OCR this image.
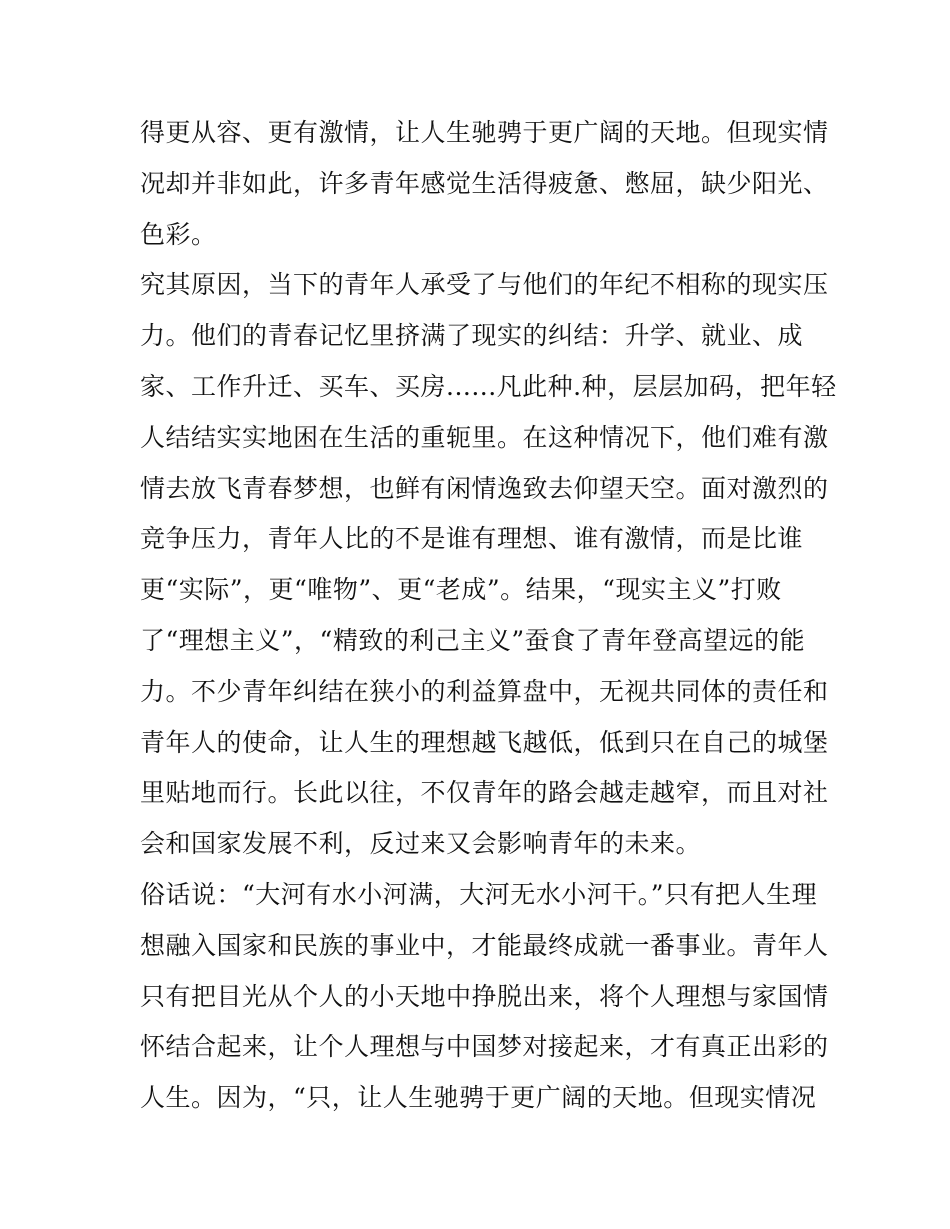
得更从容、更有激情，让人生驰骋于更广阔的天地。但现实情
况却并非如此，许多青年感觉生活得疲惫、憋屈，缺少阳光、
色彩。
究其原因，当下的青年人承受了与他们的年纪不相称的现实压
力。他们的青春记忆里挤满了现实的纠结：升学、就业、成
家、工作升迁、买车、买房......凡此种.种，层层加码，把年轻
人结结实实地困在生活的重轭里。在这种情况下，他们难有激
情去放飞青春梦想，也鲜有闲情逸致去仰望天空。面对激烈的
竞争压力，青年人比的不是谁有理想、谁有激情，而是比谁
更“实际”，更“唯物”、更“老成”。结果，“现实主义”打败
了“理想主义”，“精致的利己主义”蚕食了青年登高望远的能
力。不少青年纠结在狭小的利益算盘中，无视共同体的责任和
青年人的使命，让人生的理想越飞越低，低到只在自己的城堡
里贴地而行。长此以往，不仅青年的路会越走越窄，而且对社
会和国家发展不利，反过来又会影响青年的未来。
俗话说：“大河有水小河满，大河无水小河干。”只有把人生理
想融入国家和民族的事业中，才能最终成就一番事业。青年人
只有把目光从个人的小天地中挣脱出来，将个人理想与家国情
怀结合起来，让个人理想与中国梦对接起来，才有真正出彩的
人生。因为，“只，让人生驰骋于更广阔的天地。但现实情况
